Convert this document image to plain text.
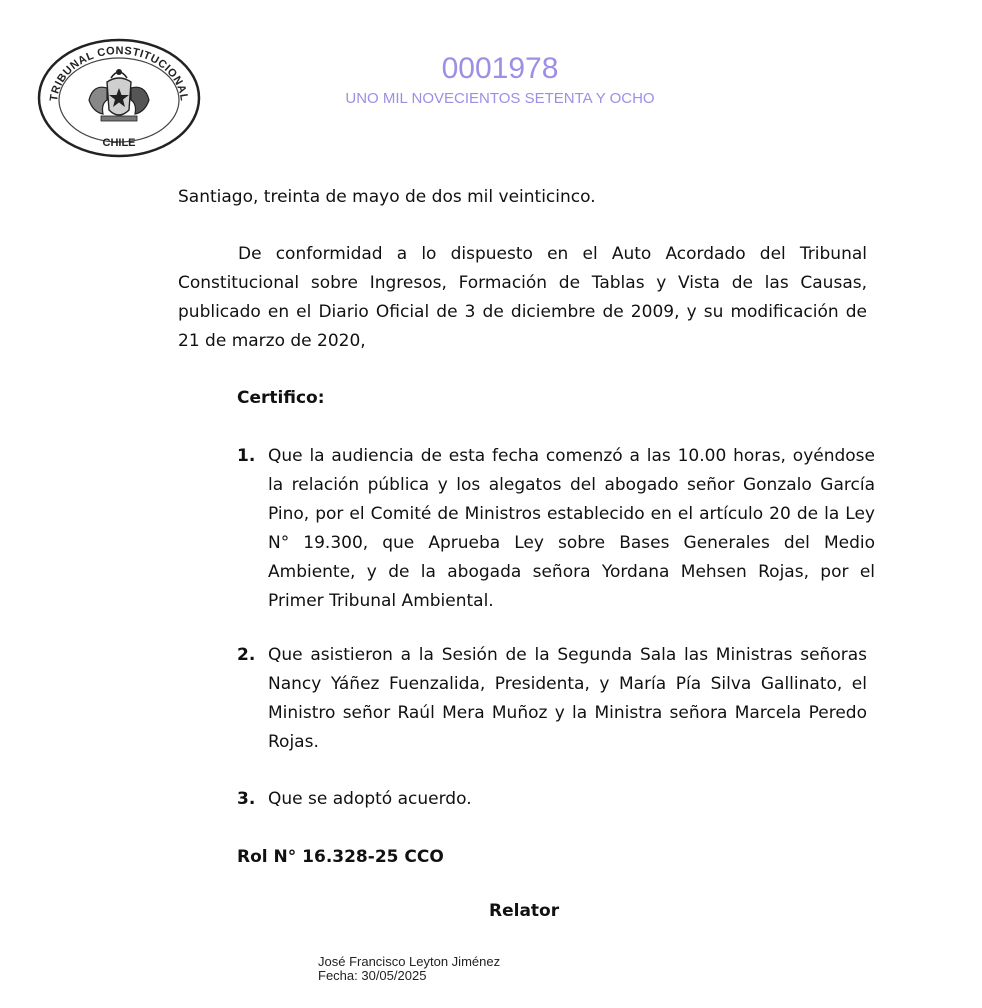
TRIBUNAL CONSTITUCIONAL
CHILE
0001978
UNO MIL NOVECIENTOS SETENTA Y OCHO
Santiago, treinta de mayo de dos mil veinticinco.
De conformidad a lo dispuesto en el Auto Acordado del Tribunal Constitucional sobre Ingresos, Formación de Tablas y Vista de las Causas, publicado en el Diario Oficial de 3 de diciembre de 2009, y su modificación de 21 de marzo de 2020,
Certifico:
1. Que la audiencia de esta fecha comenzó a las 10.00 horas, oyéndose la relación pública y los alegatos del abogado señor Gonzalo García Pino, por el Comité de Ministros establecido en el artículo 20 de la Ley N° 19.300, que Aprueba Ley sobre Bases Generales del Medio Ambiente, y de la abogada señora Yordana Mehsen Rojas, por el Primer Tribunal Ambiental.
2. Que asistieron a la Sesión de la Segunda Sala las Ministras señoras Nancy Yáñez Fuenzalida, Presidenta, y María Pía Silva Gallinato, el Ministro señor Raúl Mera Muñoz y la Ministra señora Marcela Peredo Rojas.
3. Que se adoptó acuerdo.
Rol N° 16.328-25 CCO
Relator
José Francisco Leyton Jiménez
Fecha: 30/05/2025
